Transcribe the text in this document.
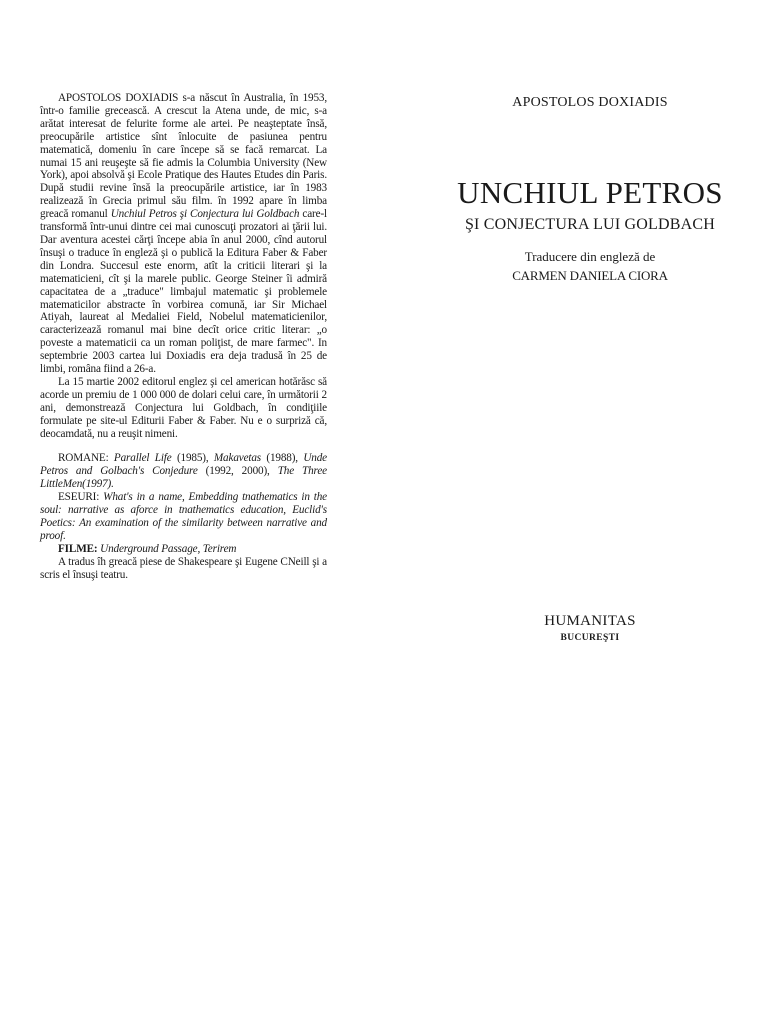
APOSTOLOS DOXIADIS s-a născut în Australia, în 1953, într-o familie grecească. A crescut la Atena unde, de mic, s-a arătat interesat de felurite forme ale artei. Pe neaşteptate însă, preocupările artistice sînt înlocuite de pasiunea pentru matematică, domeniu în care începe să se facă remarcat. La numai 15 ani reuşeşte să fie admis la Columbia University (New York), apoi absolvă şi Ecole Pratique des Hautes Etudes din Paris. După studii revine însă la preocupările artistice, iar în 1983 realizează în Grecia primul său film. în 1992 apare în limba greacă romanul Unchiul Petros şi Conjectura lui Goldbach care-l transformă într-unui dintre cei mai cunoscuţi prozatori ai ţării lui. Dar aventura acestei cărţi începe abia în anul 2000, cînd autorul însuşi o traduce în engleză şi o publică la Editura Faber & Faber din Londra. Succesul este enorm, atît la criticii literari şi la matematicieni, cît şi la marele public. George Steiner îi admiră capacitatea de a „traduce" limbajul matematic şi problemele matematicilor abstracte în vorbirea comună, iar Sir Michael Atiyah, laureat al Medaliei Field, Nobelul matematicienilor, caracterizează romanul mai bine decît orice critic literar: „o poveste a matematicii ca un roman poliţist, de mare farmec". In septembrie 2003 cartea lui Doxiadis era deja tradusă în 25 de limbi, româna fiind a 26-a.

La 15 martie 2002 editorul englez şi cel american hotărăsc să acorde un premiu de 1 000 000 de dolari celui care, în următorii 2 ani, demonstrează Conjectura lui Goldbach, în condiţiile formulate pe site-ul Editurii Faber & Faber. Nu e o surpriză că, deocamdată, nu a reuşit nimeni.

ROMANE: Parallel Life (1985), Makavetas (1988), Unde Petros and Golbach's Conjedure (1992, 2000), The Three LittleMen(1997).

ESEURI: What's in a name, Embedding tnathematics in the soul: narrative as aforce in tnathematics education, Euclid's Poetics: An examination of the similarity between narrative and proof.

FILME: Underground Passage, Terirem

A tradus îh greacă piese de Shakespeare şi Eugene CNeill şi a scris el însuşi teatru.

APOSTOLOS DOXIADIS
UNCHIUL PETROS
ŞI CONJECTURA LUI GOLDBACH
Traducere din engleză de
CARMEN DANIELA CIORA
HUMANITAS
BUCUREŞTI
